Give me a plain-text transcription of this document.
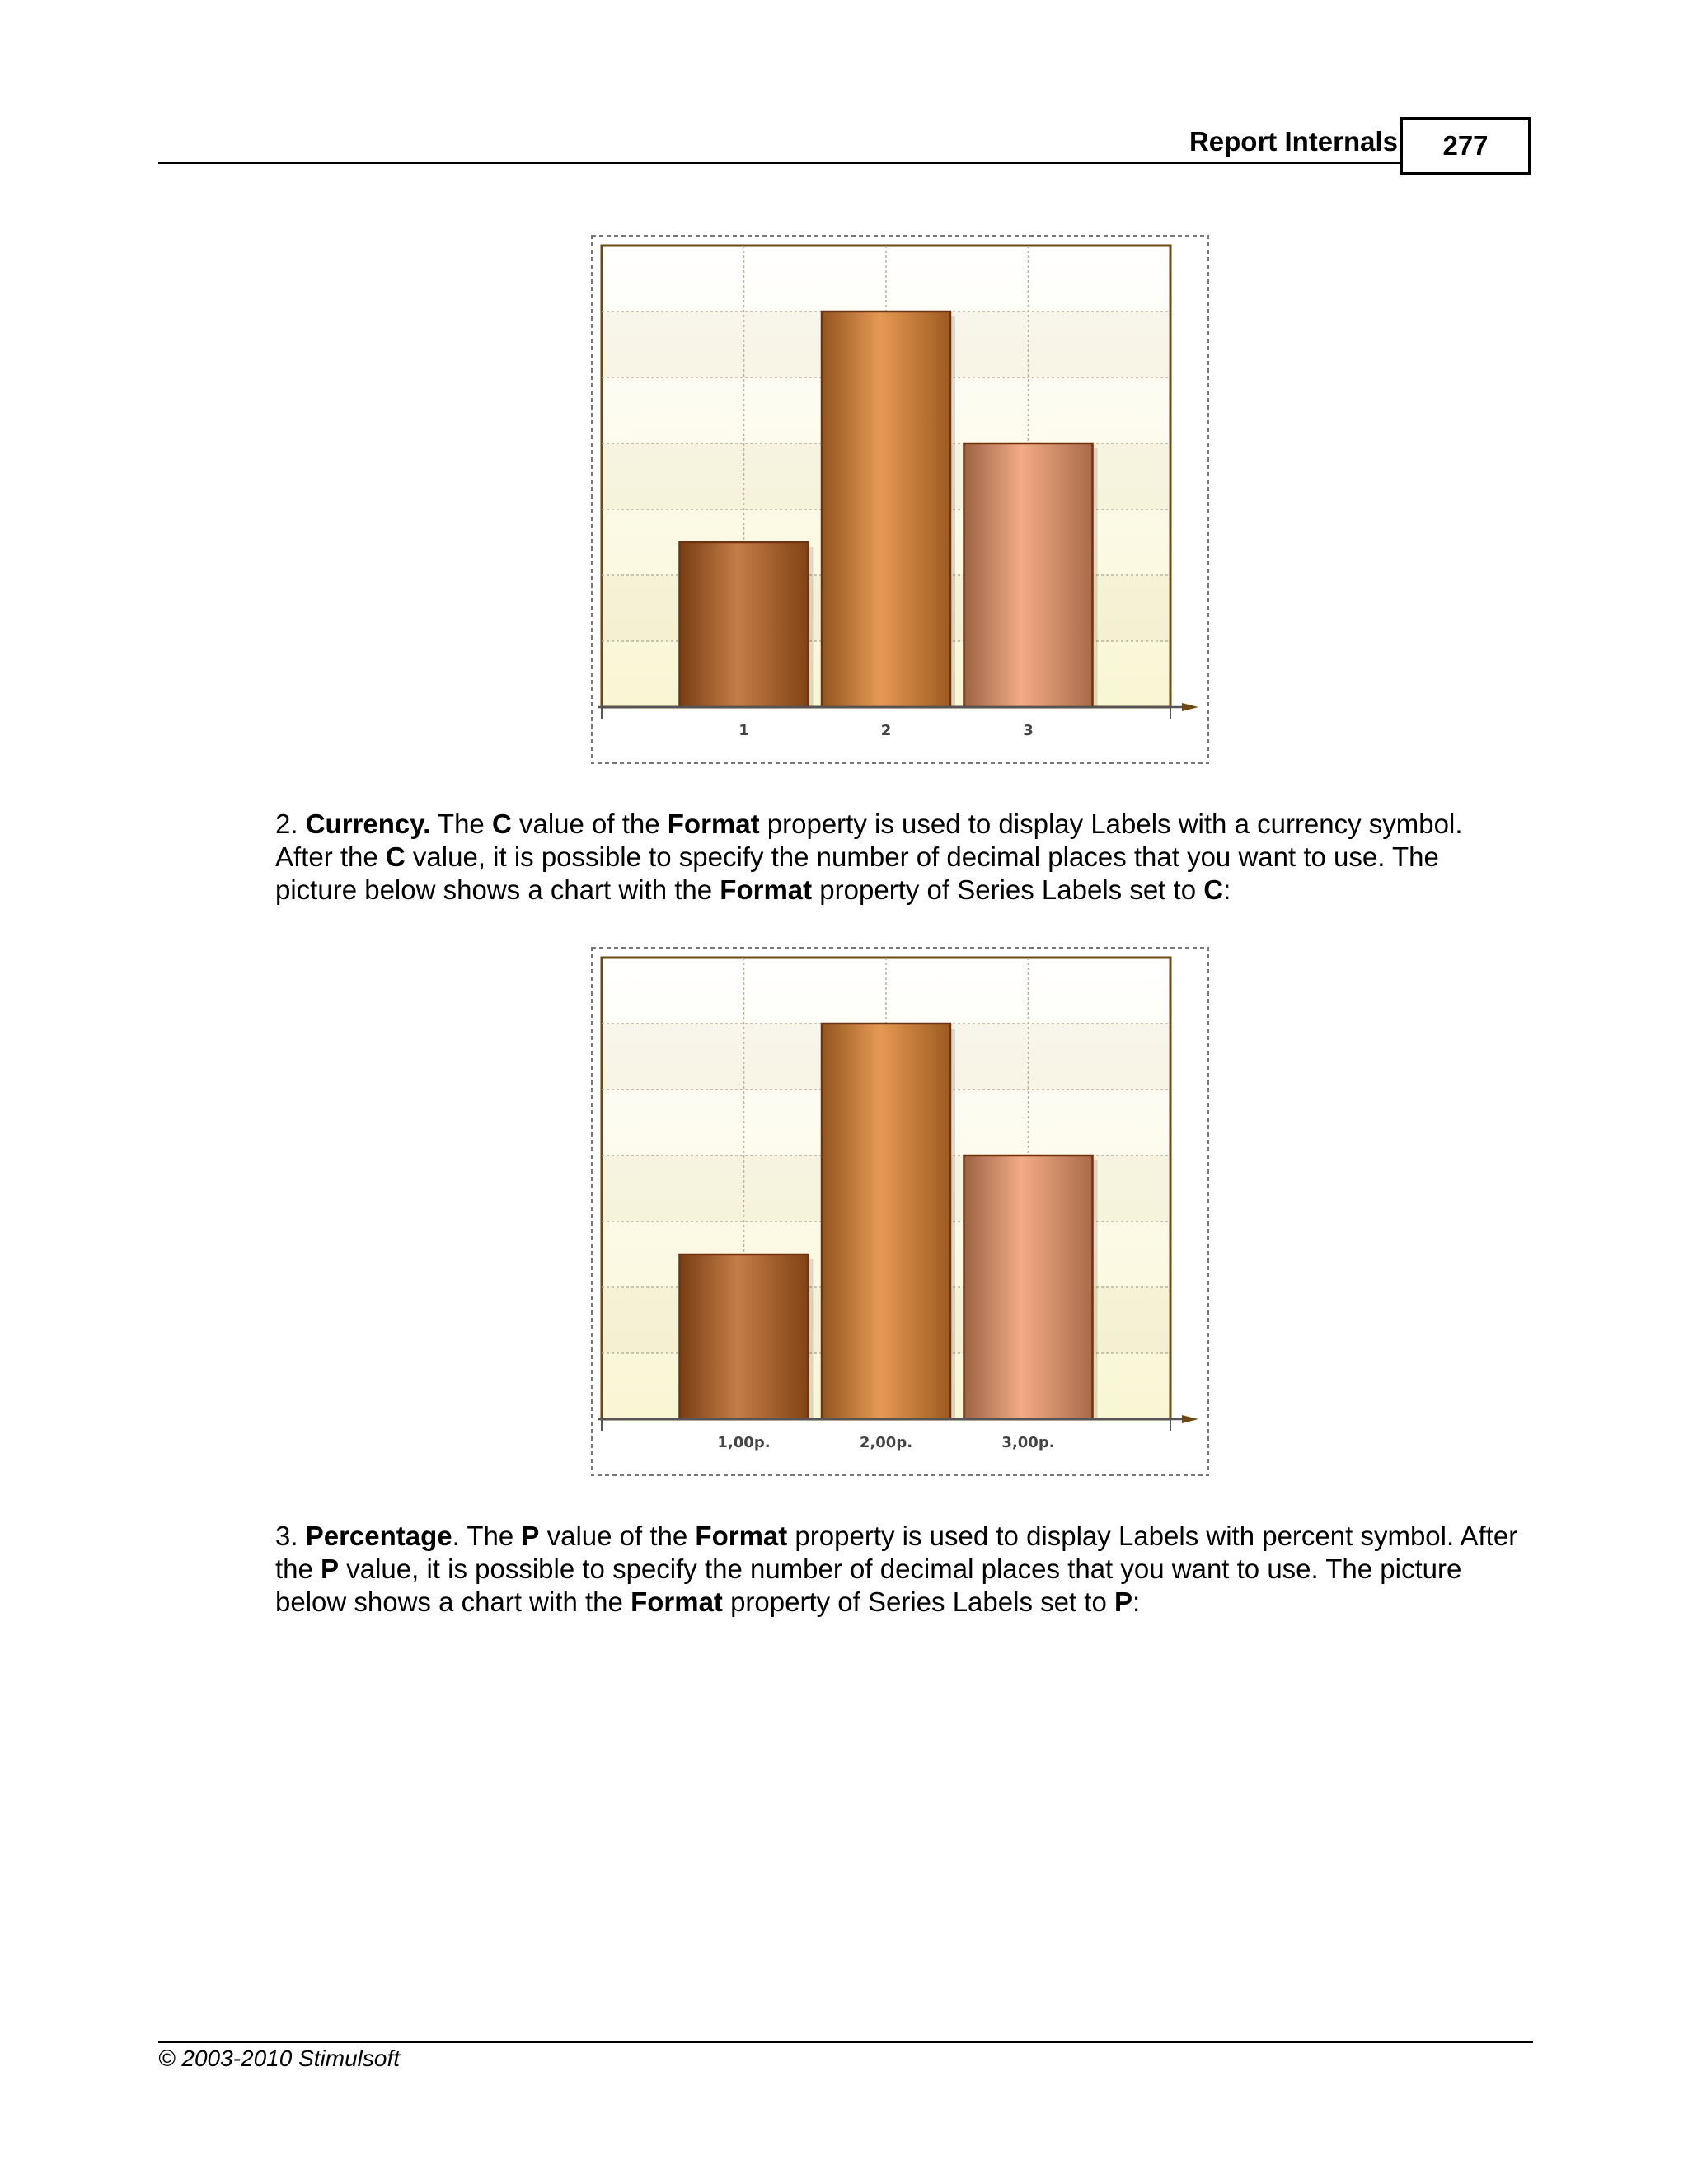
Report Internals 277
1	2	3
2. Currency. The C value of the Format property is used to display Labels with a currency symbol.
After the C value, it is possible to specify the number of decimal places that you want to use. The
picture below shows a chart with the Format property of Series Labels set to C:
1,00р.	2,00р.	3,00р.
3. Percentage. The P value of the Format property is used to display Labels with percent symbol. After
the P value, it is possible to specify the number of decimal places that you want to use. The picture
below shows a chart with the Format property of Series Labels set to P:
© 2003-2010 Stimulsoft
